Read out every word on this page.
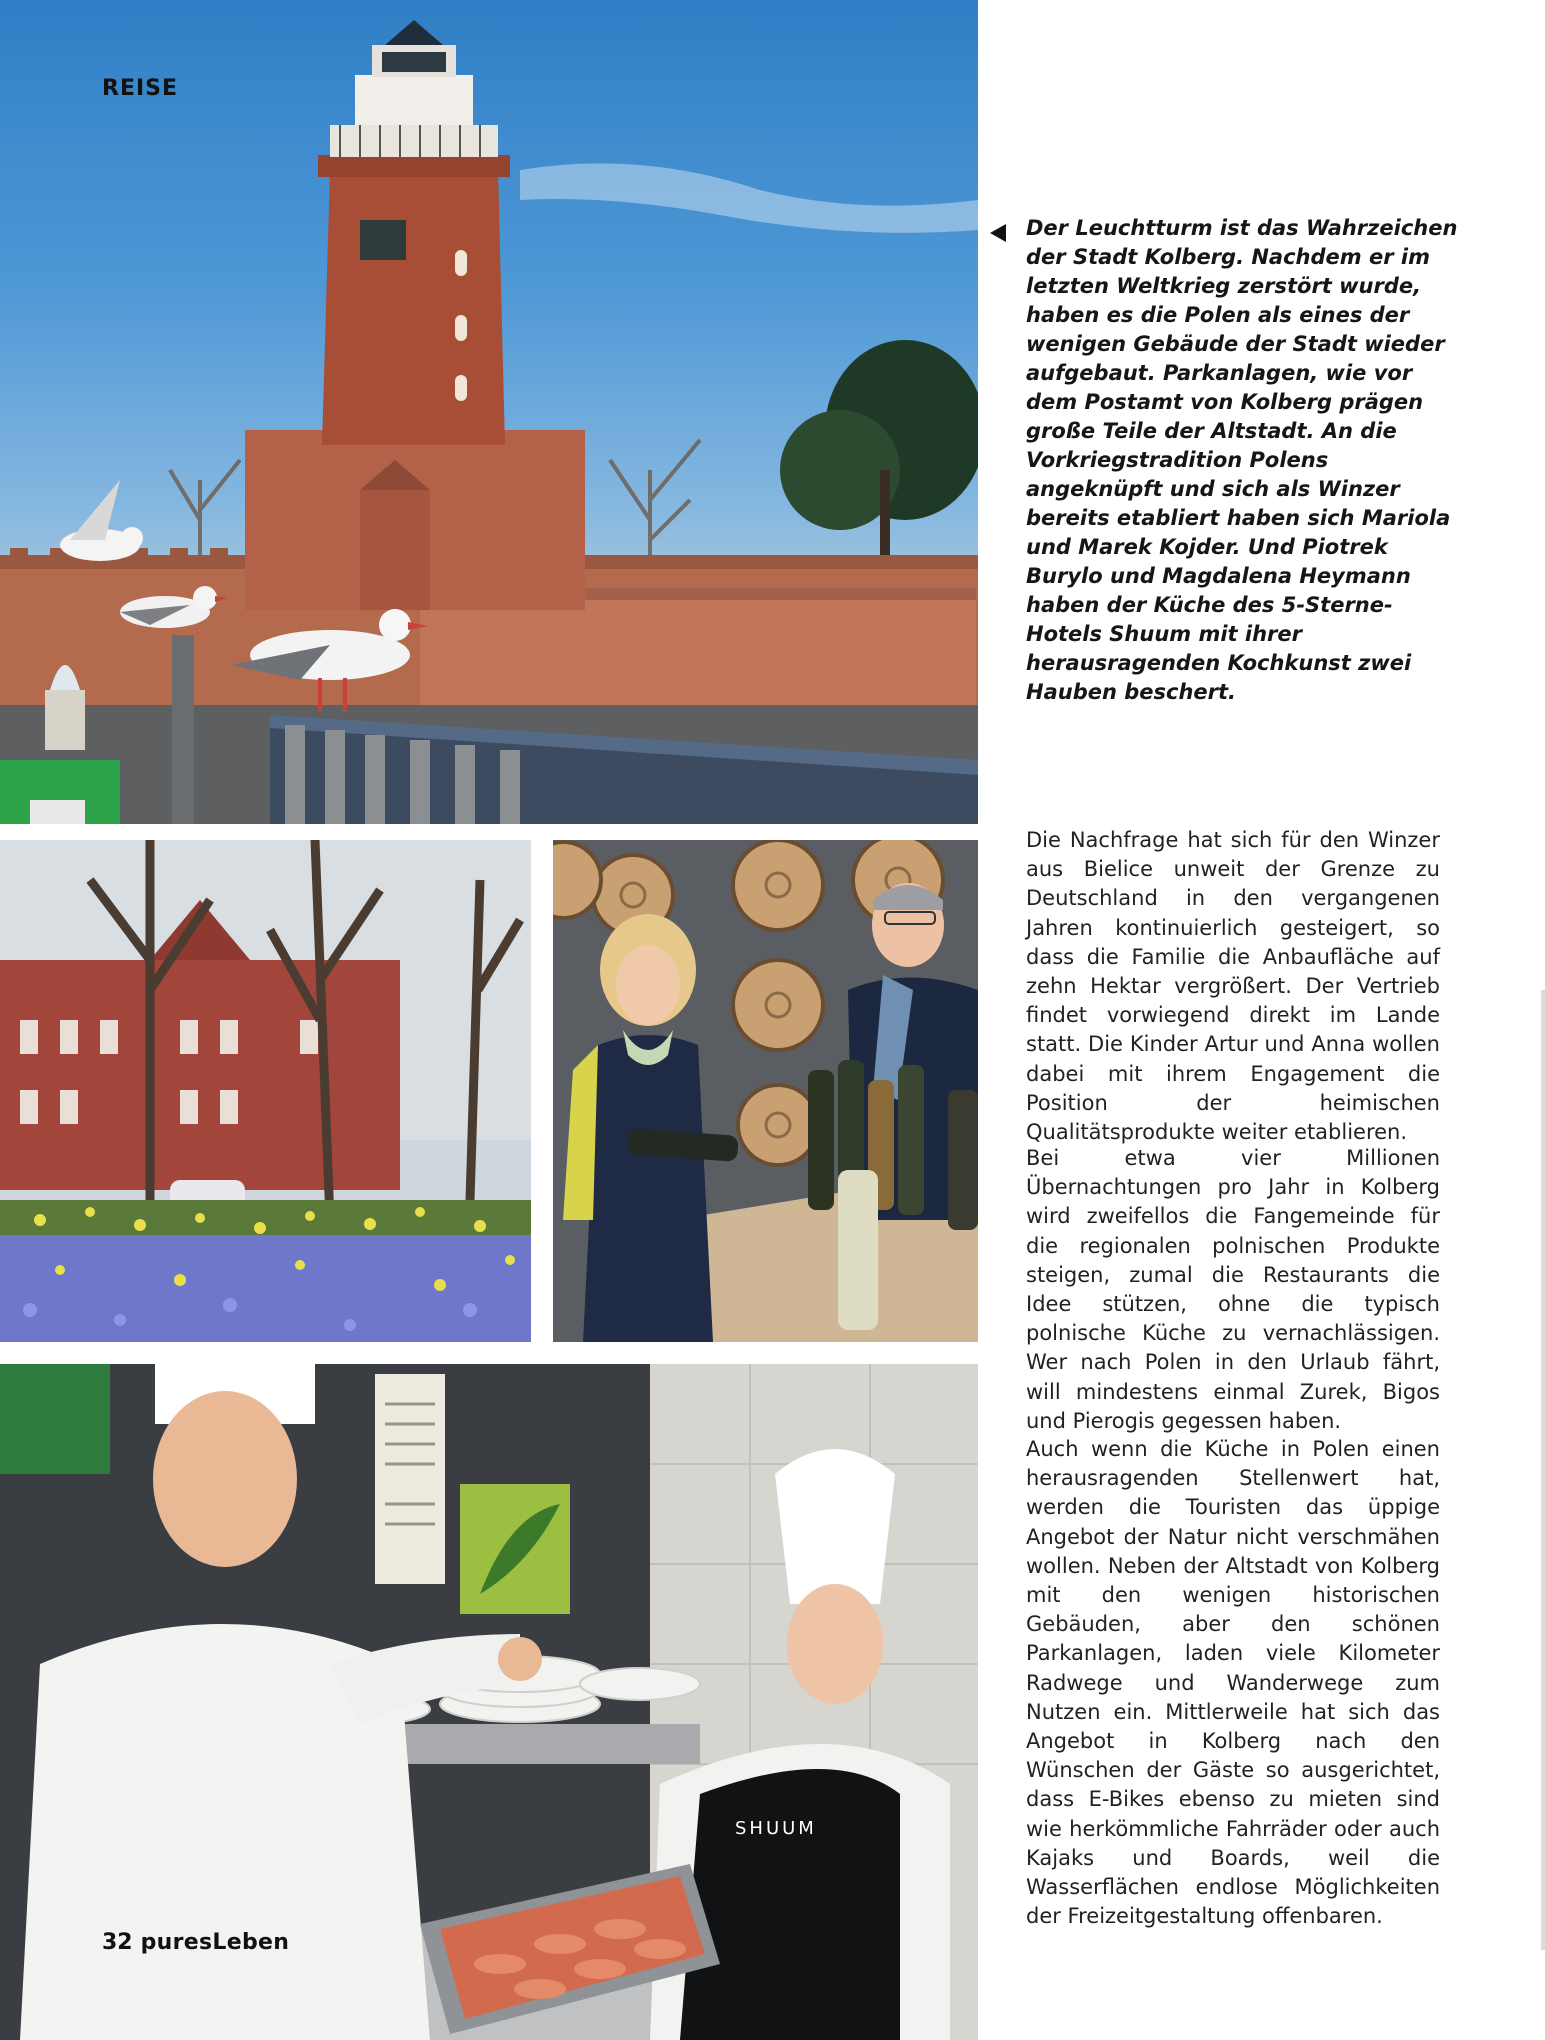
REISE

Der Leuchtturm ist das Wahrzeichen der Stadt Kolberg. Nachdem er im letzten Weltkrieg zerstört wurde, haben es die Polen als eines der wenigen Gebäude der Stadt wieder aufgebaut. Parkanlagen, wie vor dem Postamt von Kolberg prägen große Teile der Altstadt. An die Vorkriegstradition Polens angeknüpft und sich als Winzer bereits etabliert haben sich Mariola und Marek Kojder. Und Piotrek Burylo und Magdalena Heymann haben der Küche des 5-Sterne-Hotels Shuum mit ihrer herausragenden Kochkunst zwei Hauben beschert.

SHUUM

Die Nachfrage hat sich für den Winzer aus Bielice unweit der Grenze zu Deutschland in den vergangenen Jahren kontinuierlich gesteigert, so dass die Familie die Anbaufläche auf zehn Hektar vergrößert. Der Vertrieb findet vorwiegend direkt im Lande statt. Die Kinder Artur und Anna wollen dabei mit ihrem Engagement die Position der heimischen Qualitätsprodukte weiter etablieren.

Bei etwa vier Millionen Übernachtungen pro Jahr in Kolberg wird zweifellos die Fangemeinde für die regionalen polnischen Produkte steigen, zumal die Restaurants die Idee stützen, ohne die typisch polnische Küche zu vernachlässigen. Wer nach Polen in den Urlaub fährt, will mindestens einmal Zurek, Bigos und Pierogis gegessen haben.

Auch wenn die Küche in Polen einen herausragenden Stellenwert hat, werden die Touristen das üppige Angebot der Natur nicht verschmähen wollen. Neben der Altstadt von Kolberg mit den wenigen historischen Gebäuden, aber den schönen Parkanlagen, laden viele Kilometer Radwege und Wanderwege zum Nutzen ein. Mittlerweile hat sich das Angebot in Kolberg nach den Wünschen der Gäste so ausgerichtet, dass E-Bikes ebenso zu mieten sind wie herkömmliche Fahrräder oder auch Kajaks und Boards, weil die Wasserflächen endlose Möglichkeiten der Freizeitgestaltung offenbaren.

32 puresLeben
